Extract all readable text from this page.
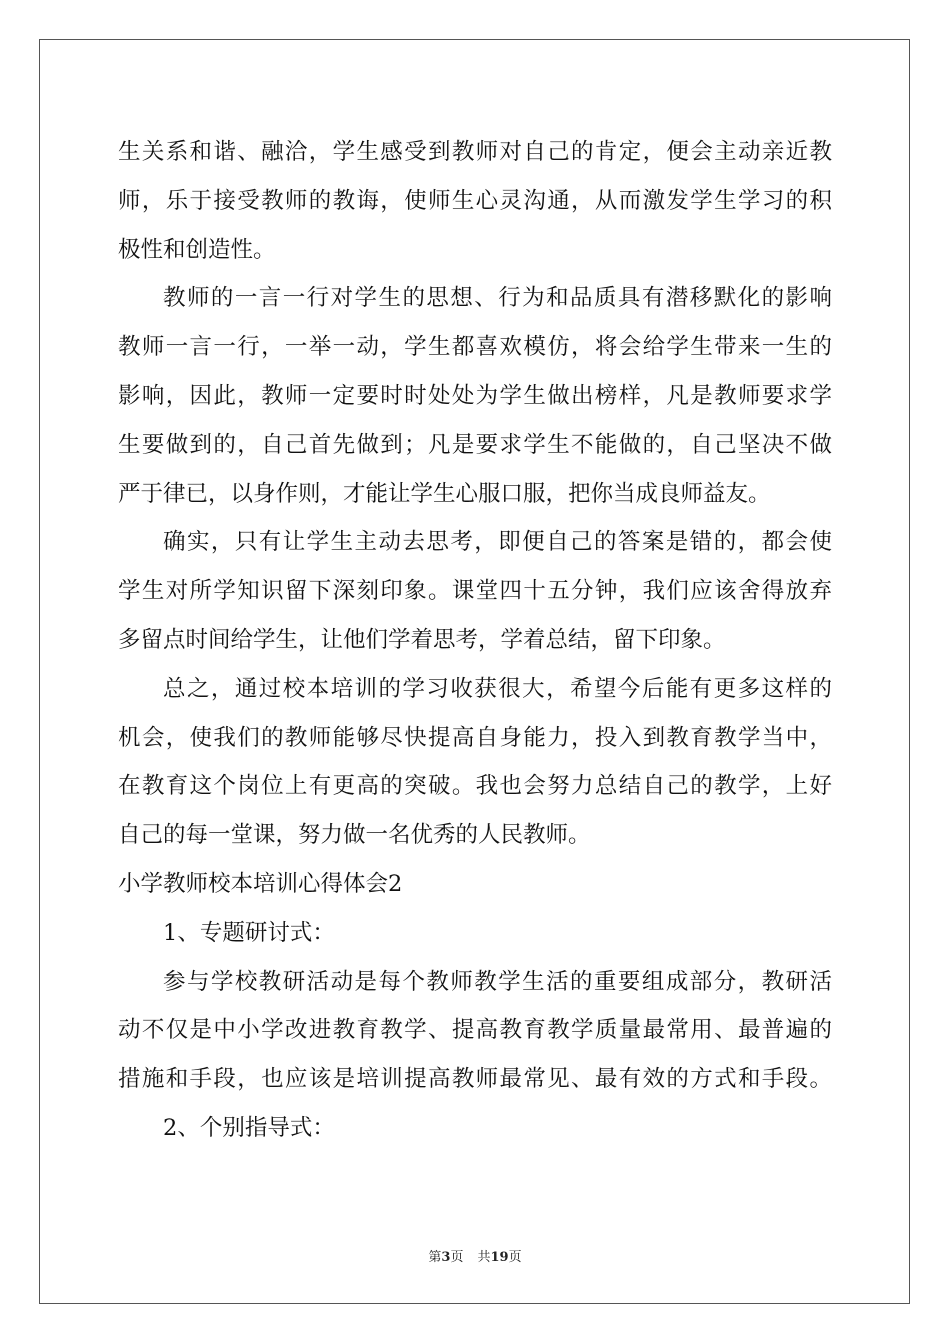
生关系和谐、融洽，学生感受到教师对自己的肯定，便会主动亲近教
师，乐于接受教师的教诲，使师生心灵沟通，从而激发学生学习的积
极性和创造性。
教师的一言一行对学生的思想、行为和品质具有潜移默化的影响
教师一言一行，一举一动，学生都喜欢模仿，将会给学生带来一生的
影响，因此，教师一定要时时处处为学生做出榜样，凡是教师要求学
生要做到的，自己首先做到；凡是要求学生不能做的，自己坚决不做
严于律已，以身作则，才能让学生心服口服，把你当成良师益友。
确实，只有让学生主动去思考，即便自己的答案是错的，都会使
学生对所学知识留下深刻印象。课堂四十五分钟，我们应该舍得放弃
多留点时间给学生，让他们学着思考，学着总结，留下印象。
总之，通过校本培训的学习收获很大，希望今后能有更多这样的
机会，使我们的教师能够尽快提高自身能力，投入到教育教学当中，
在教育这个岗位上有更高的突破。我也会努力总结自己的教学，上好
自己的每一堂课，努力做一名优秀的人民教师。
小学教师校本培训心得体会2
1、专题研讨式：
参与学校教研活动是每个教师教学生活的重要组成部分，教研活
动不仅是中小学改进教育教学、提高教育教学质量最常用、最普遍的
措施和手段，也应该是培训提高教师最常见、最有效的方式和手段。
2、个别指导式：
第3页 共19页
